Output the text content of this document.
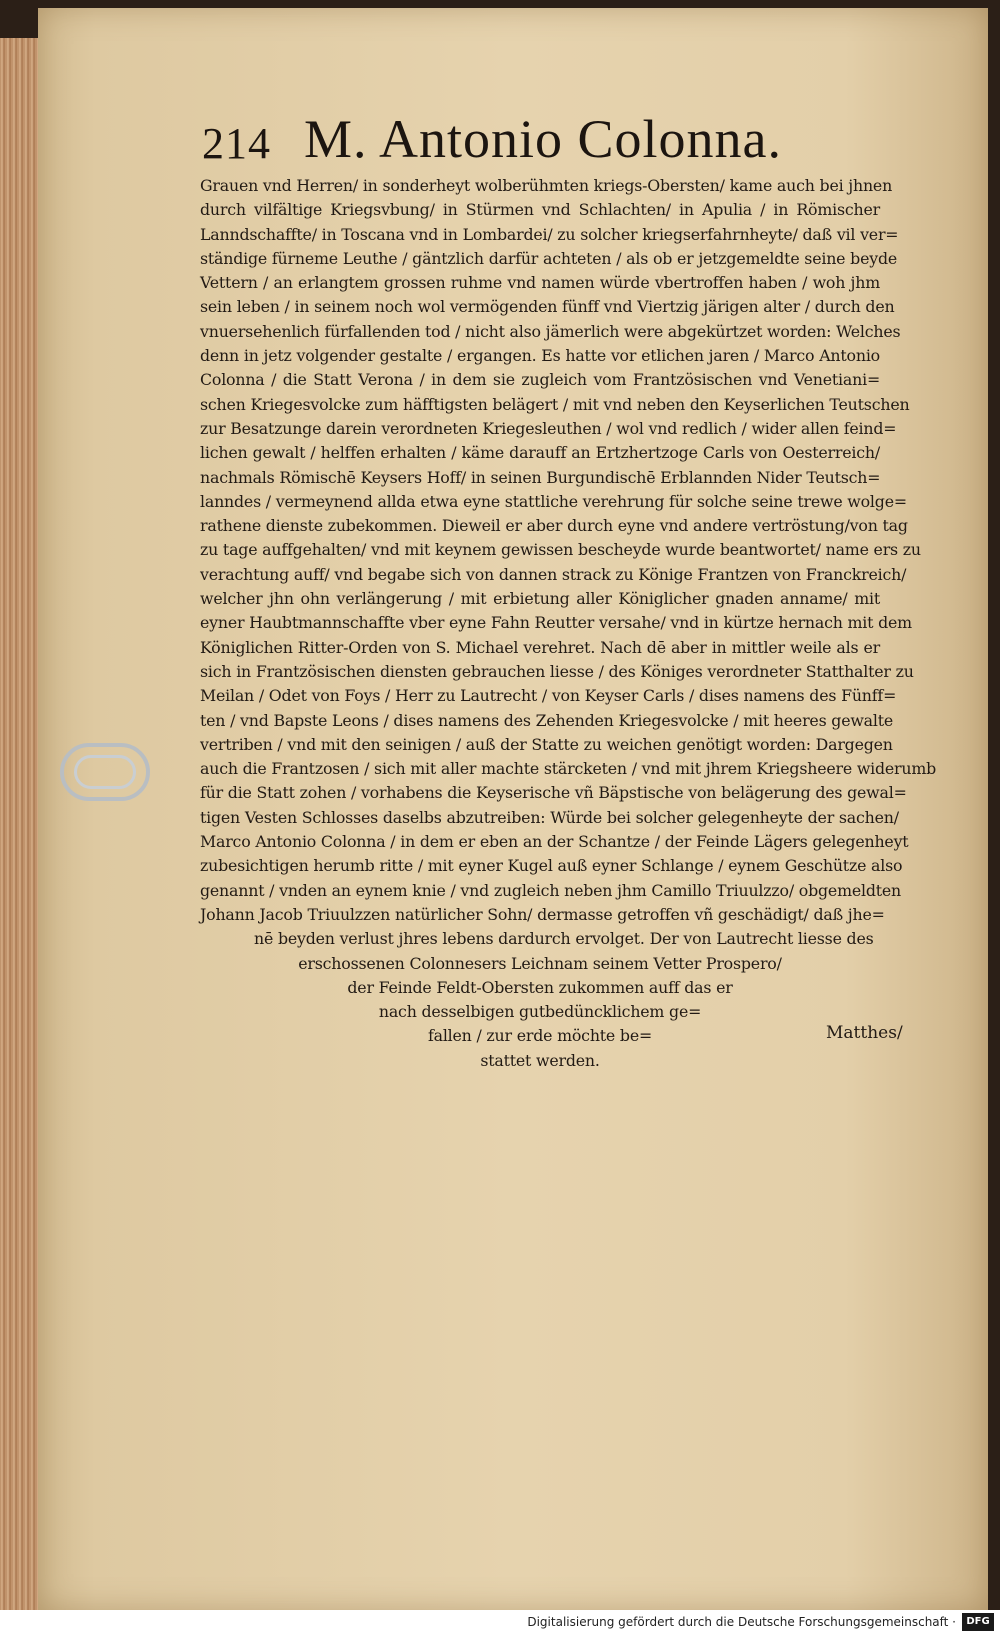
214 M. Antonio Colonna.
Grauen vnd Herren/ in sonderheyt wolberühmten kriegs-Obersten/ kame auch bei jhnen
durch vilfältige Kriegsvbung/ in Stürmen vnd Schlachten/ in Apulia / in Römischer
Lanndschaffte/ in Toscana vnd in Lombardei/ zu solcher kriegserfahrnheyte/ daß vil ver=
ständige fürneme Leuthe / gäntzlich darfür achteten / als ob er jetzgemeldte seine beyde
Vettern / an erlangtem grossen ruhme vnd namen würde vbertroffen haben / woh jhm
sein leben / in seinem noch wol vermögenden fünff vnd Viertzig järigen alter / durch den
vnuersehenlich fürfallenden tod / nicht also jämerlich were abgekürtzet worden: Welches
denn in jetz volgender gestalte / ergangen. Es hatte vor etlichen jaren / Marco Antonio
Colonna / die Statt Verona / in dem sie zugleich vom Frantzösischen vnd Venetiani=
schen Kriegesvolcke zum häfftigsten belägert / mit vnd neben den Keyserlichen Teutschen
zur Besatzunge darein verordneten Kriegesleuthen / wol vnd redlich / wider allen feind=
lichen gewalt / helffen erhalten / käme darauff an Ertzhertzoge Carls von Oesterreich/
nachmals Römischē Keysers Hoff/ in seinen Burgundischē Erblannden Nider Teutsch=
lanndes / vermeynend allda etwa eyne stattliche verehrung für solche seine trewe wolge=
rathene dienste zubekommen. Dieweil er aber durch eyne vnd andere vertröstung/von tag
zu tage auffgehalten/ vnd mit keynem gewissen bescheyde wurde beantwortet/ name ers zu
verachtung auff/ vnd begabe sich von dannen strack zu Könige Frantzen von Franckreich/
welcher jhn ohn verlängerung / mit erbietung aller Königlicher gnaden anname/ mit
eyner Haubtmannschaffte vber eyne Fahn Reutter versahe/ vnd in kürtze hernach mit dem
Königlichen Ritter-Orden von S. Michael verehret. Nach dē aber in mittler weile als er
sich in Frantzösischen diensten gebrauchen liesse / des Königes verordneter Statthalter zu
Meilan / Odet von Foys / Herr zu Lautrecht / von Keyser Carls / dises namens des Fünff=
ten / vnd Bapste Leons / dises namens des Zehenden Kriegesvolcke / mit heeres gewalte
vertriben / vnd mit den seinigen / auß der Statte zu weichen genötigt worden: Dargegen
auch die Frantzosen / sich mit aller machte stärcketen / vnd mit jhrem Kriegsheere widerumb
für die Statt zohen / vorhabens die Keyserische vñ Bäpstische von belägerung des gewal=
tigen Vesten Schlosses daselbs abzutreiben: Würde bei solcher gelegenheyte der sachen/
Marco Antonio Colonna / in dem er eben an der Schantze / der Feinde Lägers gelegenheyt
zubesichtigen herumb ritte / mit eyner Kugel auß eyner Schlange / eynem Geschütze also
genannt / vnden an eynem knie / vnd zugleich neben jhm Camillo Triuulzzo/ obgemeldten
Johann Jacob Triuulzzen natürlicher Sohn/ dermasse getroffen vñ geschädigt/ daß jhe=
nē beyden verlust jhres lebens dardurch ervolget. Der von Lautrecht liesse des
erschossenen Colonnesers Leichnam seinem Vetter Prospero/
der Feinde Feldt-Obersten zukommen auff das er
nach desselbigen gutbedüncklichem ge=
fallen / zur erde möchte be=
stattet werden.
Matthes/
Digitalisierung gefördert durch die Deutsche Forschungsgemeinschaft ·	DFG
